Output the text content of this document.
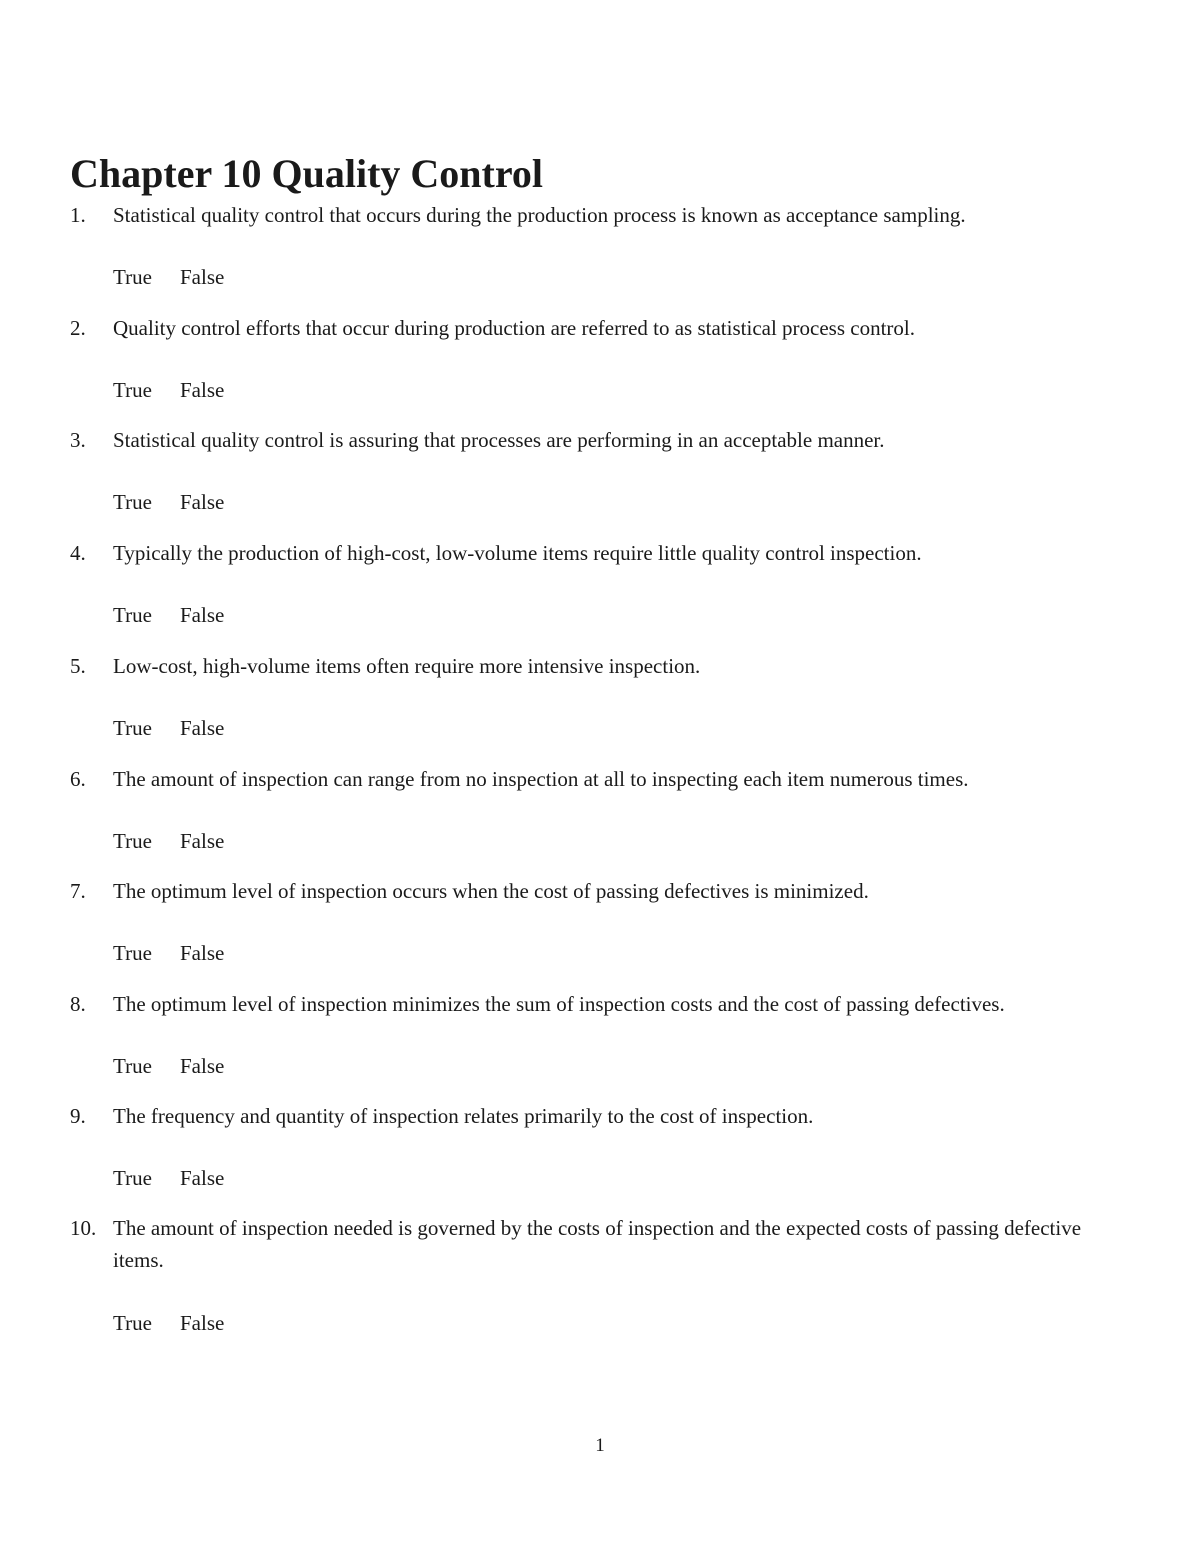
Chapter 10 Quality Control
1. Statistical quality control that occurs during the production process is known as acceptance sampling.
True False
2. Quality control efforts that occur during production are referred to as statistical process control.
True False
3. Statistical quality control is assuring that processes are performing in an acceptable manner.
True False
4. Typically the production of high-cost, low-volume items require little quality control inspection.
True False
5. Low-cost, high-volume items often require more intensive inspection.
True False
6. The amount of inspection can range from no inspection at all to inspecting each item numerous times.
True False
7. The optimum level of inspection occurs when the cost of passing defectives is minimized.
True False
8. The optimum level of inspection minimizes the sum of inspection costs and the cost of passing defectives.
True False
9. The frequency and quantity of inspection relates primarily to the cost of inspection.
True False
10. The amount of inspection needed is governed by the costs of inspection and the expected costs of passing defective items.
True False
1
